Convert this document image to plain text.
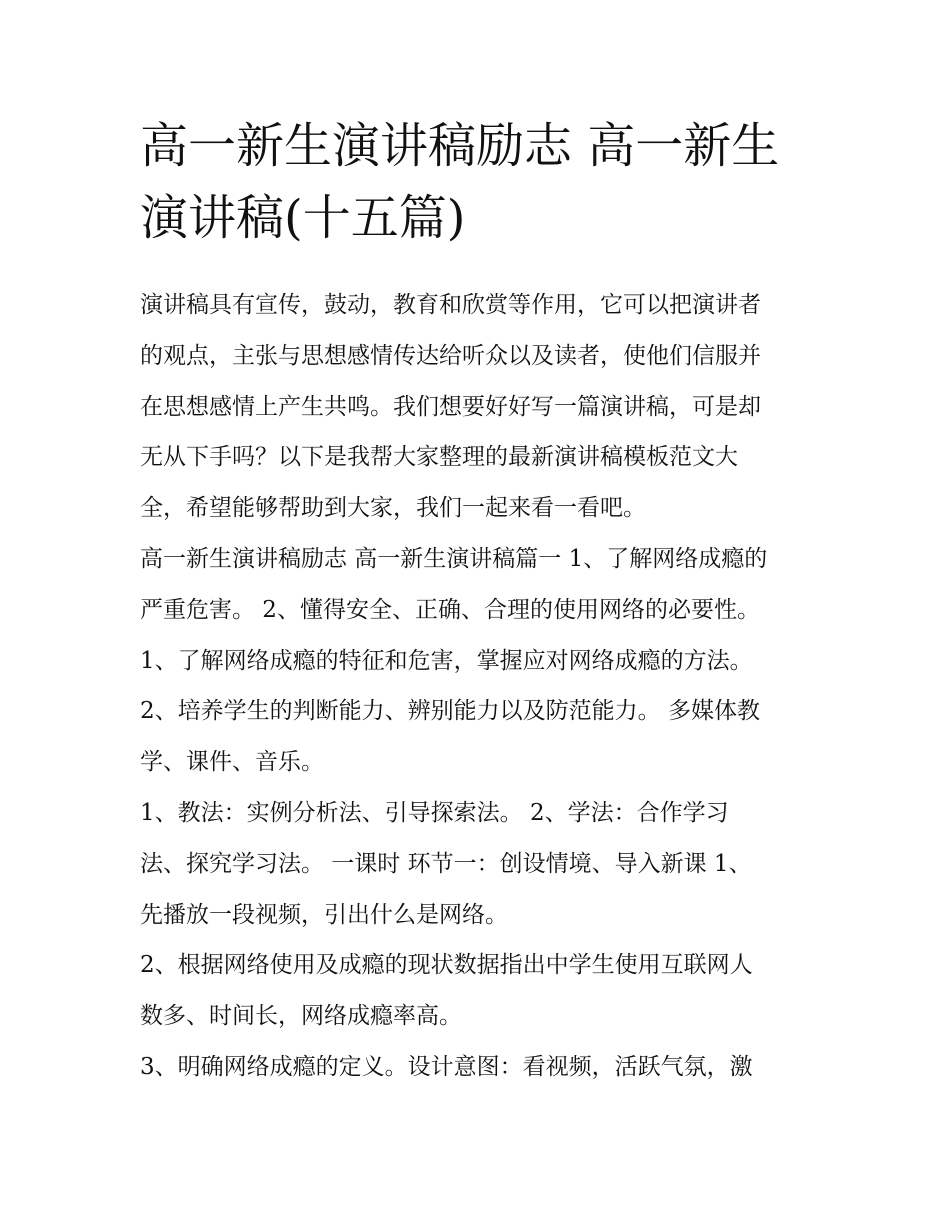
高一新生演讲稿励志 高一新生
演讲稿(十五篇)
演讲稿具有宣传，鼓动，教育和欣赏等作用，它可以把演讲者
的观点，主张与思想感情传达给听众以及读者，使他们信服并
在思想感情上产生共鸣。我们想要好好写一篇演讲稿，可是却
无从下手吗？以下是我帮大家整理的最新演讲稿模板范文大
全，希望能够帮助到大家，我们一起来看一看吧。
高一新生演讲稿励志 高一新生演讲稿篇一 1、了解网络成瘾的
严重危害。 2、懂得安全、正确、合理的使用网络的必要性。
1、了解网络成瘾的特征和危害，掌握应对网络成瘾的方法。
2、培养学生的判断能力、辨别能力以及防范能力。 多媒体教
学、课件、音乐。
1、教法：实例分析法、引导探索法。 2、学法：合作学习
法、探究学习法。 一课时 环节一：创设情境、导入新课 1、
先播放一段视频，引出什么是网络。
2、根据网络使用及成瘾的现状数据指出中学生使用互联网人
数多、时间长，网络成瘾率高。
3、明确网络成瘾的定义。设计意图：看视频，活跃气氛，激
